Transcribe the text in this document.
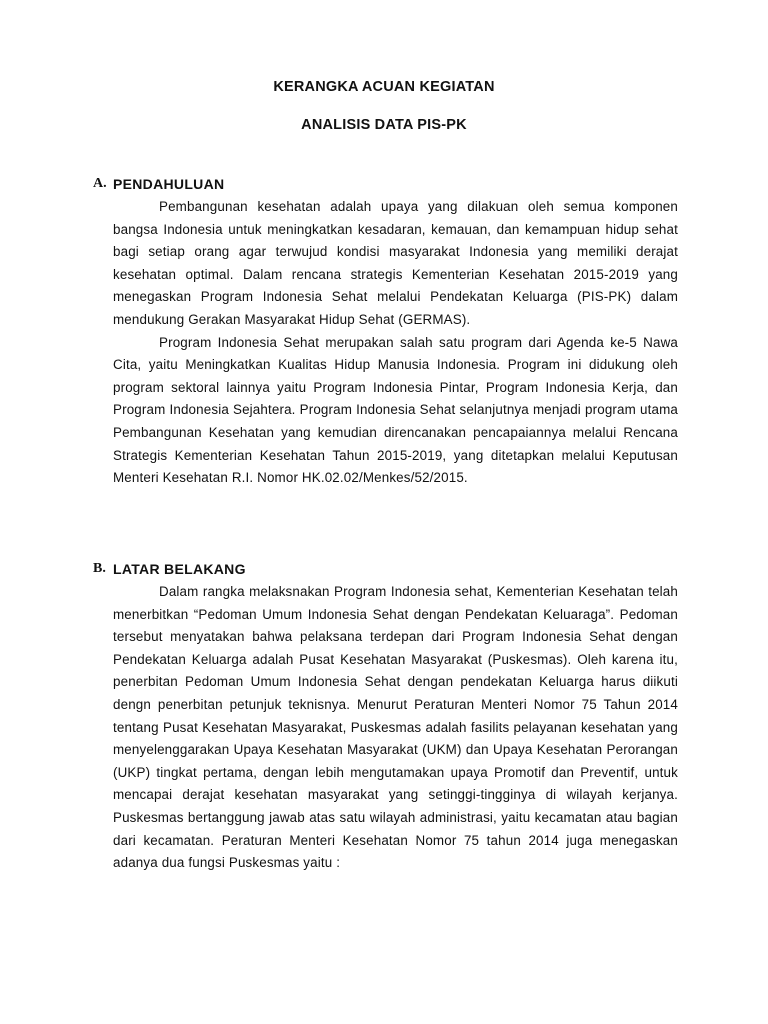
KERANGKA ACUAN KEGIATAN
ANALISIS DATA PIS-PK
A. PENDAHULUAN

Pembangunan kesehatan adalah upaya yang dilakuan oleh semua komponen bangsa Indonesia untuk meningkatkan kesadaran, kemauan, dan kemampuan hidup sehat bagi setiap orang agar terwujud kondisi masyarakat Indonesia yang memiliki derajat kesehatan optimal. Dalam rencana strategis Kementerian Kesehatan 2015-2019 yang menegaskan Program Indonesia Sehat melalui Pendekatan Keluarga (PIS-PK) dalam mendukung Gerakan Masyarakat Hidup Sehat (GERMAS).

Program Indonesia Sehat merupakan salah satu program dari Agenda ke-5 Nawa Cita, yaitu Meningkatkan Kualitas Hidup Manusia Indonesia. Program ini didukung oleh program sektoral lainnya yaitu Program Indonesia Pintar, Program Indonesia Kerja, dan Program Indonesia Sejahtera. Program Indonesia Sehat selanjutnya menjadi program utama Pembangunan Kesehatan yang kemudian direncanakan pencapaiannya melalui Rencana Strategis Kementerian Kesehatan Tahun 2015-2019, yang ditetapkan melalui Keputusan Menteri Kesehatan R.I. Nomor HK.02.02/Menkes/52/2015.

B. LATAR BELAKANG

Dalam rangka melaksnakan Program Indonesia sehat, Kementerian Kesehatan telah menerbitkan “Pedoman Umum Indonesia Sehat dengan Pendekatan Keluaraga”. Pedoman tersebut menyatakan bahwa pelaksana terdepan dari Program Indonesia Sehat dengan Pendekatan Keluarga adalah Pusat Kesehatan Masyarakat (Puskesmas). Oleh karena itu, penerbitan Pedoman Umum Indonesia Sehat dengan pendekatan Keluarga harus diikuti dengn penerbitan petunjuk teknisnya. Menurut Peraturan Menteri Nomor 75 Tahun 2014 tentang Pusat Kesehatan Masyarakat, Puskesmas adalah fasilits pelayanan kesehatan yang menyelenggarakan Upaya Kesehatan Masyarakat (UKM) dan Upaya Kesehatan Perorangan (UKP) tingkat pertama, dengan lebih mengutamakan upaya Promotif dan Preventif, untuk mencapai derajat kesehatan masyarakat yang setinggi-tingginya di wilayah kerjanya. Puskesmas bertanggung jawab atas satu wilayah administrasi, yaitu kecamatan atau bagian dari kecamatan. Peraturan Menteri Kesehatan Nomor 75 tahun 2014 juga menegaskan adanya dua fungsi Puskesmas yaitu :
